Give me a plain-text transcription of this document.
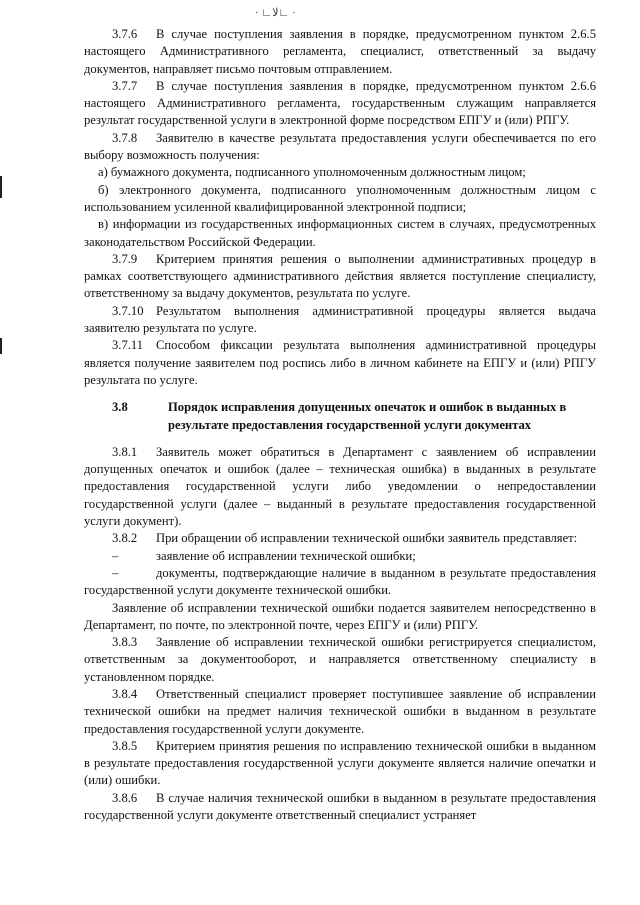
· ∟ﻻ∟ ·

3.7.6 В случае поступления заявления в порядке, предусмотренном пунктом 2.6.5 настоящего Административного регламента, специалист, ответственный за выдачу документов, направляет письмо почтовым отправлением.

3.7.7 В случае поступления заявления в порядке, предусмотренном пунктом 2.6.6 настоящего Административного регламента, государственным служащим направляется результат государственной услуги в электронной форме посредством ЕПГУ и (или) РПГУ.

3.7.8 Заявителю в качестве результата предоставления услуги обеспечивается по его выбору возможность получения:

а) бумажного документа, подписанного уполномоченным должностным лицом;

б) электронного документа, подписанного уполномоченным должностным лицом с использованием усиленной квалифицированной электронной подписи;

в) информации из государственных информационных систем в случаях, предусмотренных законодательством Российской Федерации.

3.7.9 Критерием принятия решения о выполнении административных процедур в рамках соответствующего административного действия является поступление специалисту, ответственному за выдачу документов, результата по услуге.

3.7.10 Результатом выполнения административной процедуры является выдача заявителю результата по услуге.

3.7.11 Способом фиксации результата выполнения административной процедуры является получение заявителем под роспись либо в личном кабинете на ЕПГУ и (или) РПГУ результата по услуге.

3.8	Порядок исправления допущенных опечаток и ошибок в выданных в результате предоставления государственной услуги документах

3.8.1 Заявитель может обратиться в Департамент с заявлением об исправлении допущенных опечаток и ошибок (далее – техническая ошибка) в выданных в результате предоставления государственной услуги либо уведомлении о непредоставлении государственной услуги (далее – выданный в результате предоставления государственной услуги документ).

3.8.2 При обращении об исправлении технической ошибки заявитель представляет:

–	заявление об исправлении технической ошибки;

–	документы, подтверждающие наличие в выданном в результате предоставления государственной услуги документе технической ошибки.

Заявление об исправлении технической ошибки подается заявителем непосредственно в Департамент, по почте, по электронной почте, через ЕПГУ и (или) РПГУ.

3.8.3 Заявление об исправлении технической ошибки регистрируется специалистом, ответственным за документооборот, и направляется ответственному специалисту в установленном порядке.

3.8.4 Ответственный специалист проверяет поступившее заявление об исправлении технической ошибки на предмет наличия технической ошибки в выданном в результате предоставления государственной услуги документе.

3.8.5 Критерием принятия решения по исправлению технической ошибки в выданном в результате предоставления государственной услуги документе является наличие опечатки и (или) ошибки.

3.8.6 В случае наличия технической ошибки в выданном в результате предоставления государственной услуги документе ответственный специалист устраняет
